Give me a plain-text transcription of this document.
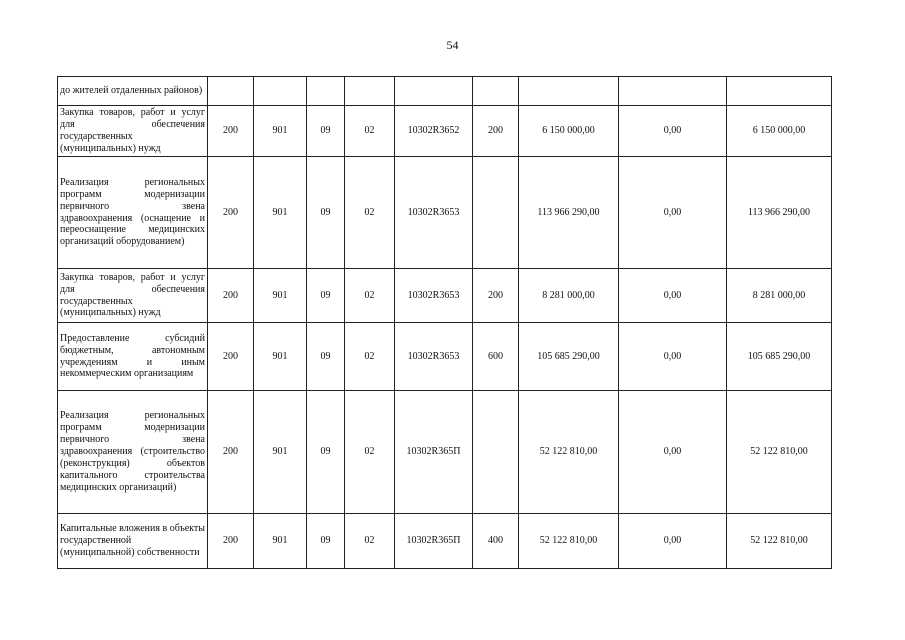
54
до жителей отдаленных районов)									
Закупка товаров, работ и услуг для обеспечения государственных (муниципальных) нужд	200	901	09	02	10302R3652	200	6 150 000,00	0,00	6 150 000,00
Реализация региональных программ модернизации первичного звена здравоохранения (оснащение и переоснащение медицинских организаций оборудованием)	200	901	09	02	10302R3653		113 966 290,00	0,00	113 966 290,00
Закупка товаров, работ и услуг для обеспечения государственных (муниципальных) нужд	200	901	09	02	10302R3653	200	8 281 000,00	0,00	8 281 000,00
Предоставление субсидий бюджетным, автономным учреждениям и иным некоммерческим организациям	200	901	09	02	10302R3653	600	105 685 290,00	0,00	105 685 290,00
Реализация региональных программ модернизации первичного звена здравоохранения (строительство (реконструкция) объектов капитального строительства медицинских организаций)	200	901	09	02	10302R365П		52 122 810,00	0,00	52 122 810,00
Капитальные вложения в объекты государственной (муниципальной) собственности	200	901	09	02	10302R365П	400	52 122 810,00	0,00	52 122 810,00
